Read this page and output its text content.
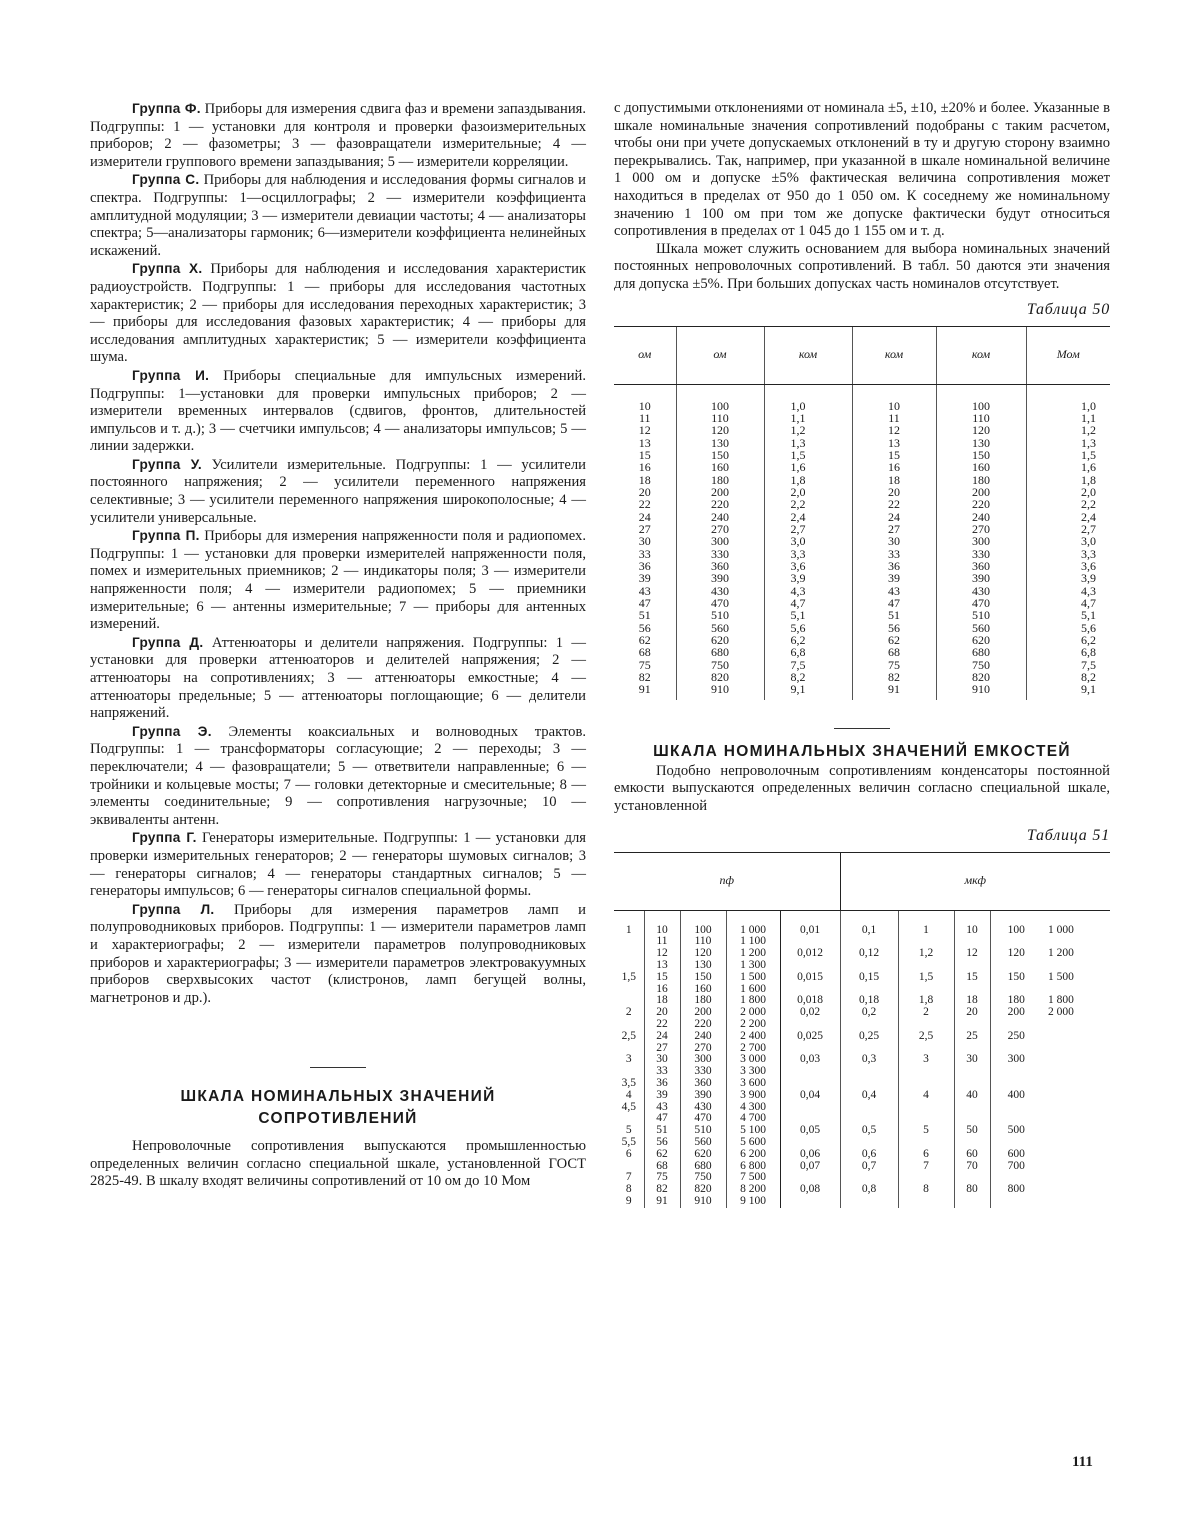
Группа Ф. Приборы для измерения сдвига фаз и времени запаздывания. Подгруппы: 1 — установки для контроля и проверки фазоизмерительных приборов; 2 — фазометры; 3 — фазовращатели измерительные; 4 — измерители группового времени запаздывания; 5 — измерители корреляции.

Группа С. Приборы для наблюдения и исследования формы сигналов и спектра. Подгруппы: 1—осциллографы; 2 — измерители коэффициента амплитудной модуляции; 3 — измерители девиации частоты; 4 — анализаторы спектра; 5—анализаторы гармоник; 6—измерители коэффициента нелинейных искажений.

Группа Х. Приборы для наблюдения и исследования характеристик радиоустройств. Подгруппы: 1 — приборы для исследования частотных характеристик; 2 — приборы для исследования переходных характеристик; 3 — приборы для исследования фазовых характеристик; 4 — приборы для исследования амплитудных характеристик; 5 — измерители коэффициента шума.

Группа И. Приборы специальные для импульсных измерений. Подгруппы: 1—установки для проверки импульсных приборов; 2 — измерители временных интервалов (сдвигов, фронтов, длительностей импульсов и т. д.); 3 — счетчики импульсов; 4 — анализаторы импульсов; 5 — линии задержки.

Группа У. Усилители измерительные. Подгруппы: 1 — усилители постоянного напряжения; 2 — усилители переменного напряжения селективные; 3 — усилители переменного напряжения широкополосные; 4 — усилители универсальные.

Группа П. Приборы для измерения напряженности поля и радиопомех. Подгруппы: 1 — установки для проверки измерителей напряженности поля, помех и измерительных приемников; 2 — индикаторы поля; 3 — измерители напряженности поля; 4 — измерители радиопомех; 5 — приемники измерительные; 6 — антенны измерительные; 7 — приборы для антенных измерений.

Группа Д. Аттенюаторы и делители напряжения. Подгруппы: 1 — установки для проверки аттенюаторов и делителей напряжения; 2 — аттенюаторы на сопротивлениях; 3 — аттенюаторы емкостные; 4 — аттенюаторы предельные; 5 — аттенюаторы поглощающие; 6 — делители напряжений.

Группа Э. Элементы коаксиальных и волноводных трактов. Подгруппы: 1 — трансформаторы согласующие; 2 — переходы; 3 — переключатели; 4 — фазовращатели; 5 — ответвители направленные; 6 — тройники и кольцевые мосты; 7 — головки детекторные и смесительные; 8 — элементы соединительные; 9 — сопротивления нагрузочные; 10 — эквиваленты антенн.

Группа Г. Генераторы измерительные. Подгруппы: 1 — установки для проверки измерительных генераторов; 2 — генераторы шумовых сигналов; 3 — генераторы сигналов; 4 — генераторы стандартных сигналов; 5 — генераторы импульсов; 6 — генераторы сигналов специальной формы.

Группа Л. Приборы для измерения параметров ламп и полупроводниковых приборов. Подгруппы: 1 — измерители параметров ламп и характериографы; 2 — измерители параметров полупроводниковых приборов и характериографы; 3 — измерители параметров электровакуумных приборов сверхвысоких частот (клистронов, ламп бегущей волны, магнетронов и др.).

ШКАЛА НОМИНАЛЬНЫХ ЗНАЧЕНИЙ
СОПРОТИВЛЕНИЙ

Непроволочные сопротивления выпускаются промышленностью определенных величин согласно специальной шкале, установленной ГОСТ 2825-49. В шкалу входят величины сопротивлений от 10 ом до 10 Мом

с допустимыми отклонениями от номинала ±5, ±10, ±20% и более. Указанные в шкале номинальные значения сопротивлений подобраны с таким расчетом, чтобы они при учете допускаемых отклонений в ту и другую сторону взаимно перекрывались. Так, например, при указанной в шкале номинальной величине 1 000 ом и допуске ±5% фактическая величина сопротивления может находиться в пределах от 950 до 1 050 ом. К соседнему же номинальному значению 1 100 ом при том же допуске фактически будут относиться сопротивления в пределах от 1 045 до 1 155 ом и т. д.

Шкала может служить основанием для выбора номинальных значений постоянных непроволочных сопротивлений. В табл. 50 даются эти значения для допуска ±5%. При больших допусках часть номиналов отсутствует.

Таблица 50
ом	ом	ком	ком	ком	Мом
10	100	1,0	10	100	1,0
11	110	1,1	11	110	1,1
12	120	1,2	12	120	1,2
13	130	1,3	13	130	1,3
15	150	1,5	15	150	1,5
16	160	1,6	16	160	1,6
18	180	1,8	18	180	1,8
20	200	2,0	20	200	2,0
22	220	2,2	22	220	2,2
24	240	2,4	24	240	2,4
27	270	2,7	27	270	2,7
30	300	3,0	30	300	3,0
33	330	3,3	33	330	3,3
36	360	3,6	36	360	3,6
39	390	3,9	39	390	3,9
43	430	4,3	43	430	4,3
47	470	4,7	47	470	4,7
51	510	5,1	51	510	5,1
56	560	5,6	56	560	5,6
62	620	6,2	62	620	6,2
68	680	6,8	68	680	6,8
75	750	7,5	75	750	7,5
82	820	8,2	82	820	8,2
91	910	9,1	91	910	9,1
ШКАЛА НОМИНАЛЬНЫХ ЗНАЧЕНИЙ ЕМКОСТЕЙ

Подобно непроволочным сопротивлениям конденсаторы постоянной емкости выпускаются определенных величин согласно специальной шкале, установленной

Таблица 51
пф					мкф				
1	10	100	1 000	0,01	0,1	1	10	100	1 000
	11	110	1 100						
	12	120	1 200	0,012	0,12	1,2	12	120	1 200
	13	130	1 300						
1,5	15	150	1 500	0,015	0,15	1,5	15	150	1 500
	16	160	1 600						
	18	180	1 800	0,018	0,18	1,8	18	180	1 800
2	20	200	2 000	0,02	0,2	2	20	200	2 000
	22	220	2 200						
2,5	24	240	2 400	0,025	0,25	2,5	25	250	
	27	270	2 700						
3	30	300	3 000	0,03	0,3	3	30	300	
	33	330	3 300						
3,5	36	360	3 600						
4	39	390	3 900	0,04	0,4	4	40	400	
4,5	43	430	4 300						
	47	470	4 700						
5	51	510	5 100	0,05	0,5	5	50	500	
5,5	56	560	5 600						
6	62	620	6 200	0,06	0,6	6	60	600	
	68	680	6 800	0,07	0,7	7	70	700	
7	75	750	7 500						
8	82	820	8 200	0,08	0,8	8	80	800	
9	91	910	9 100						
111
